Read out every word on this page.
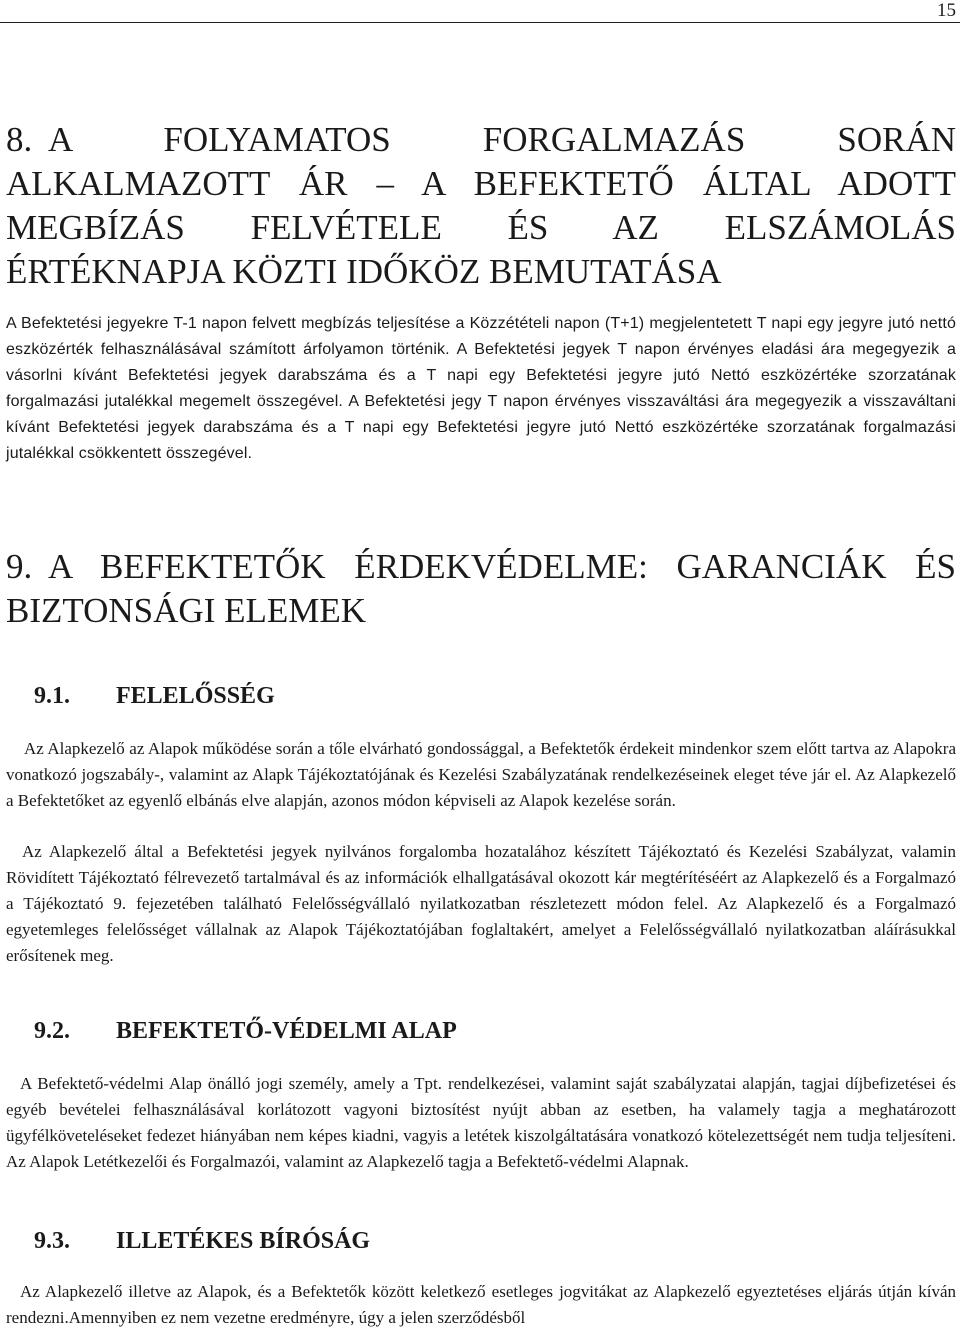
15
8. A FOLYAMATOS FORGALMAZÁS SORÁN ALKALMAZOTT ÁR – A BEFEKTETŐ ÁLTAL ADOTT MEGBÍZÁS FELVÉTELE ÉS AZ ELSZÁMOLÁS ÉRTÉKNAPJA KÖZTI IDŐKÖZ BEMUTATÁSA

A Befektetési jegyekre T-1 napon felvett megbízás teljesítése a Közzétételi napon (T+1) megjelentetett T napi egy jegyre jutó nettó eszközérték felhasználásával számított árfolyamon történik. A Befektetési jegyek T napon érvényes eladási ára megegyezik a vásorlni kívánt Befektetési jegyek darabszáma és a T napi egy Befektetési jegyre jutó Nettó eszközértéke szorzatának forgalmazási jutalékkal megemelt összegével. A Befektetési jegy T napon érvényes visszaváltási ára megegyezik a visszaváltani kívánt Befektetési jegyek darabszáma és a T napi egy Befektetési jegyre jutó Nettó eszközértéke szorzatának forgalmazási jutalékkal csökkentett összegével.

9. A BEFEKTETŐK ÉRDEKVÉDELME: GARANCIÁK ÉS BIZTONSÁGI ELEMEK
9.1. FELELŐSSÉG

Az Alapkezelő az Alapok működése során a tőle elvárható gondossággal, a Befektetők érdekeit mindenkor szem előtt tartva az Alapokra vonatkozó jogszabály-, valamint az Alapk Tájékoztatójának és Kezelési Szabályzatának rendelkezéseinek eleget téve jár el. Az Alapkezelő a Befektetőket az egyenlő elbánás elve alapján, azonos módon képviseli az Alapok kezelése során.

Az Alapkezelő által a Befektetési jegyek nyilvános forgalomba hozatalához készített Tájékoztató és Kezelési Szabályzat, valamin Rövidített Tájékoztató félrevezető tartalmával és az információk elhallgatásával okozott kár megtérítéséért az Alapkezelő és a Forgalmazó a Tájékoztató 9. fejezetében található Felelősségvállaló nyilatkozatban részletezett módon felel. Az Alapkezelő és a Forgalmazó egyetemleges felelősséget vállalnak az Alapok Tájékoztatójában foglaltakért, amelyet a Felelősségvállaló nyilatkozatban aláírásukkal erősítenek meg.

9.2. BEFEKTETŐ-VÉDELMI ALAP

A Befektető-védelmi Alap önálló jogi személy, amely a Tpt. rendelkezései, valamint saját szabályzatai alapján, tagjai díjbefizetései és egyéb bevételei felhasználásával korlátozott vagyoni biztosítést nyújt abban az esetben, ha valamely tagja a meghatározott ügyfélköveteléseket fedezet hiányában nem képes kiadni, vagyis a letétek kiszolgáltatására vonatkozó kötelezettségét nem tudja teljesíteni. Az Alapok Letétkezelői és Forgalmazói, valamint az Alapkezelő tagja a Befektető-védelmi Alapnak.

9.3. ILLETÉKES BÍRÓSÁG

Az Alapkezelő illetve az Alapok, és a Befektetők között keletkező esetleges jogvitákat az Alapkezelő egyeztetéses eljárás útján kíván rendezni.Amennyiben ez nem vezetne eredményre, úgy a jelen szerződésből
